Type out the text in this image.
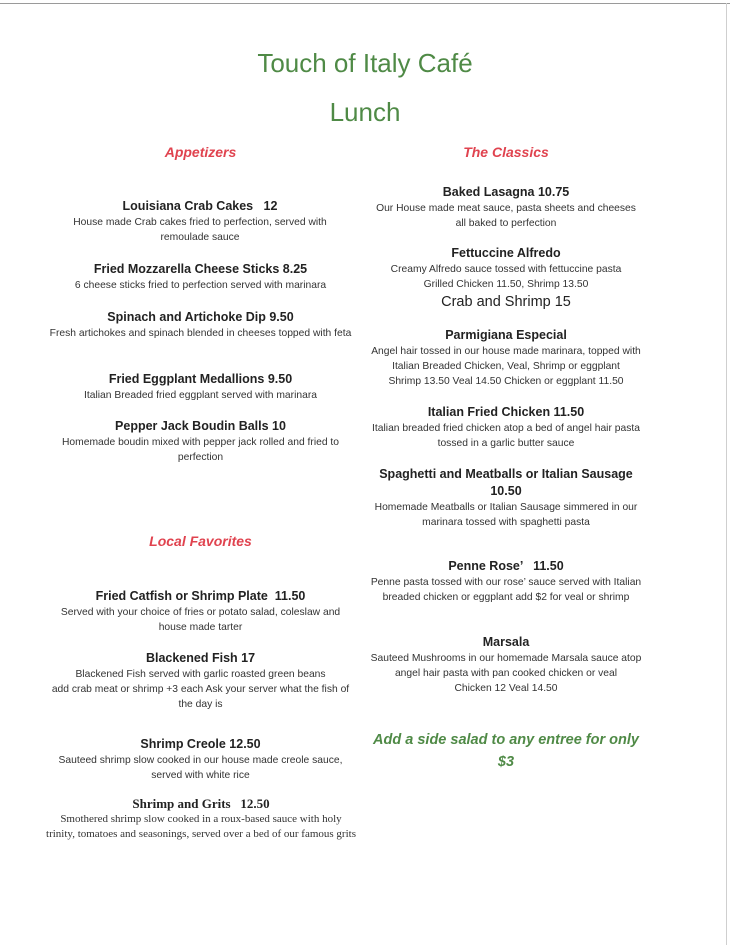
Touch of Italy Café
Lunch
Appetizers
Louisiana Crab Cakes   12
House made Crab cakes fried to perfection, served with remoulade sauce
Fried Mozzarella Cheese Sticks 8.25
6 cheese sticks fried to perfection served with marinara
Spinach and Artichoke Dip 9.50
Fresh artichokes and spinach blended in cheeses topped with feta
Fried Eggplant Medallions 9.50
Italian Breaded fried eggplant served with marinara
Pepper Jack Boudin Balls 10
Homemade boudin mixed with pepper jack rolled and fried to perfection
Local Favorites
Fried Catfish or Shrimp Plate  11.50
Served with your choice of fries or potato salad, coleslaw and house made tarter
Blackened Fish 17
Blackened Fish served with garlic roasted green beans
add crab meat or shrimp +3 each Ask your server what the fish of the day is
Shrimp Creole 12.50
Sauteed shrimp slow cooked in our house made creole sauce, served with white rice
Shrimp and Grits   12.50
Smothered shrimp slow cooked in a roux-based sauce with holy trinity, tomatoes and seasonings, served over a bed of our famous grits
The Classics
Baked Lasagna 10.75
Our House made meat sauce, pasta sheets and cheeses all baked to perfection
Fettuccine Alfredo
Creamy Alfredo sauce tossed with fettuccine pasta
Grilled Chicken 11.50, Shrimp 13.50
Crab and Shrimp 15
Parmigiana Especial
Angel hair tossed in our house made marinara, topped with Italian Breaded Chicken, Veal, Shrimp or eggplant
Shrimp 13.50 Veal 14.50 Chicken or eggplant 11.50
Italian Fried Chicken 11.50
Italian breaded fried chicken atop a bed of angel hair pasta tossed in a garlic butter sauce
Spaghetti and Meatballs or Italian Sausage 10.50
Homemade Meatballs or Italian Sausage simmered in our marinara tossed with spaghetti pasta
Penne Rose’   11.50
Penne pasta tossed with our rose’ sauce served with Italian breaded chicken or eggplant add $2 for veal or shrimp
Marsala
Sauteed Mushrooms in our homemade Marsala sauce atop angel hair pasta with pan cooked chicken or veal
Chicken 12 Veal 14.50
Add a side salad to any entree for only $3
